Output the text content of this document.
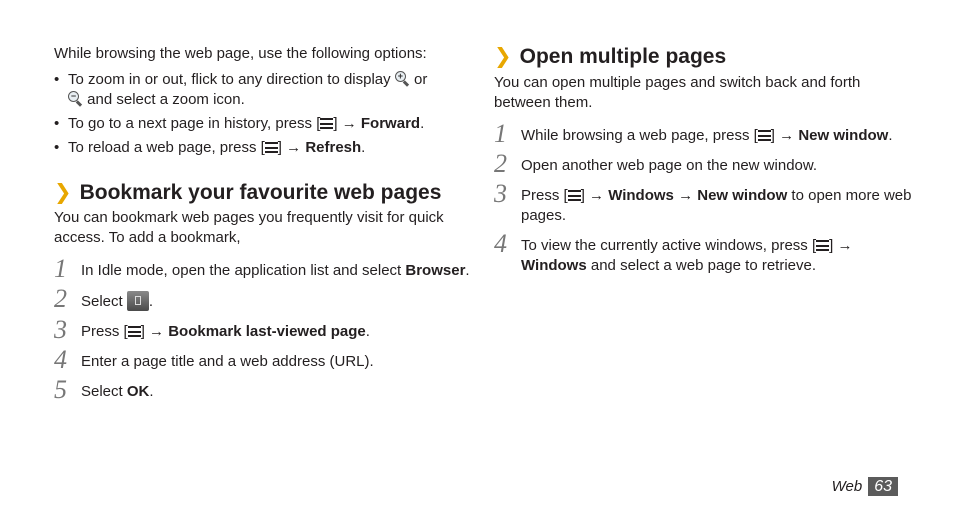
While browsing the web page, use the following options:

• To zoom in or out, flick to any direction to display + or

− and select a zoom icon.
• To go to a next page in history, press [ ] → Forward.
• To reload a web page, press [ ] → Refresh.
❯ Bookmark your favourite web pages

You can bookmark web pages you frequently visit for quick access. To add a bookmark,

1 In Idle mode, open the application list and select Browser.
2 Select .
3 Press [ ] → Bookmark last-viewed page.
4 Enter a page title and a web address (URL).
5 Select OK.
❯ Open multiple pages

You can open multiple pages and switch back and forth between them.

1 While browsing a web page, press [ ] → New window.
2 Open another web page on the new window.
3 Press [ ] → Windows → New window to open more web pages.
4 To view the currently active windows, press [ ] → Windows and select a web page to retrieve.
Web 63
